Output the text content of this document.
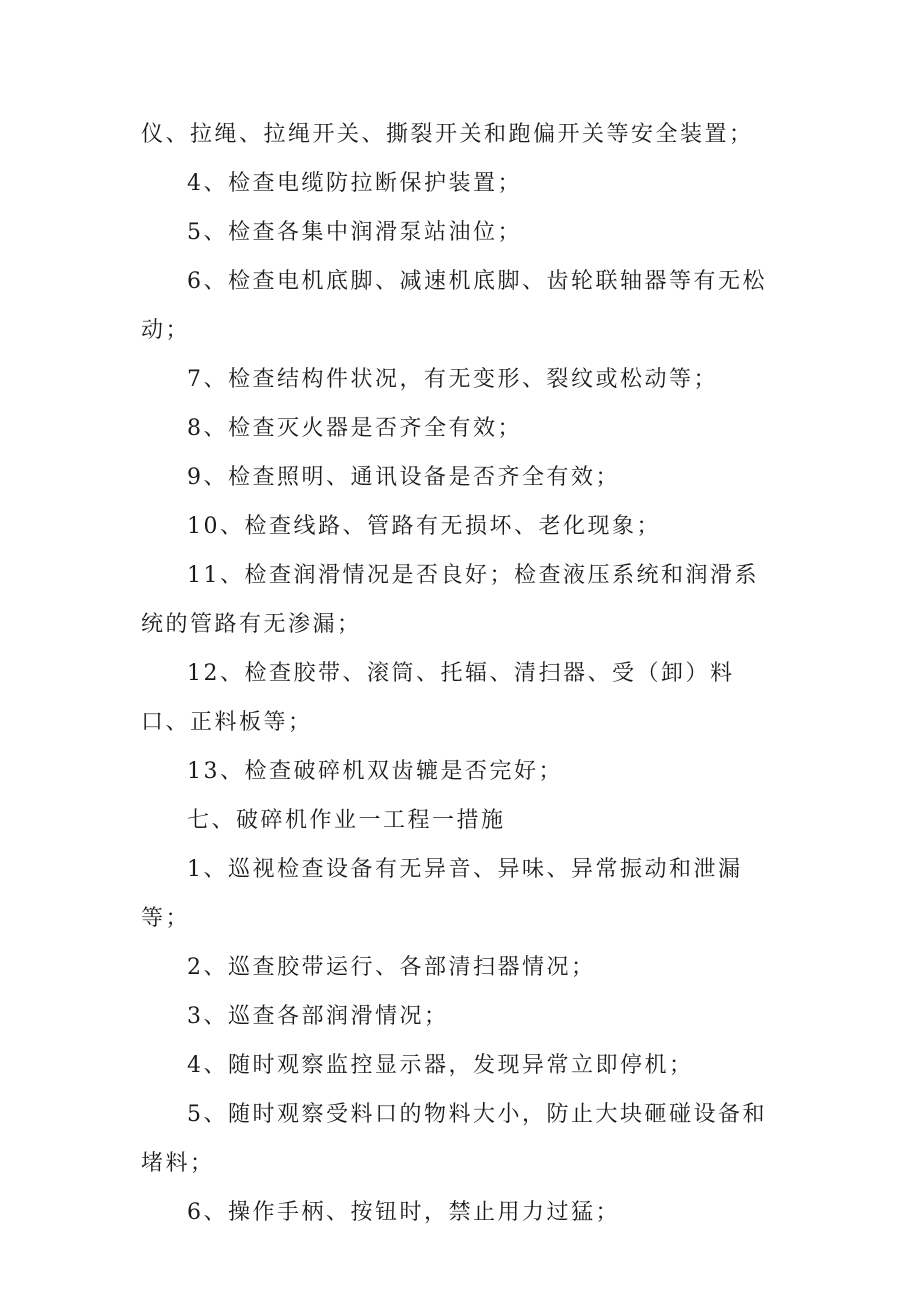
仪、拉绳、拉绳开关、撕裂开关和跑偏开关等安全装置；

4、检查电缆防拉断保护装置；

5、检查各集中润滑泵站油位；

6、检查电机底脚、减速机底脚、齿轮联轴器等有无松动；

7、检查结构件状况，有无变形、裂纹或松动等；

8、检查灭火器是否齐全有效；

9、检查照明、通讯设备是否齐全有效；

10、检查线路、管路有无损坏、老化现象；

11、检查润滑情况是否良好；检查液压系统和润滑系统的管路有无渗漏；

12、检查胶带、滚筒、托辐、清扫器、受（卸）料口、正料板等；

13、检查破碎机双齿辘是否完好；

七、破碎机作业一工程一措施

1、巡视检查设备有无异音、异味、异常振动和泄漏等；

2、巡查胶带运行、各部清扫器情况；

3、巡查各部润滑情况；

4、随时观察监控显示器，发现异常立即停机；

5、随时观察受料口的物料大小，防止大块砸碰设备和堵料；

6、操作手柄、按钮时，禁止用力过猛；
